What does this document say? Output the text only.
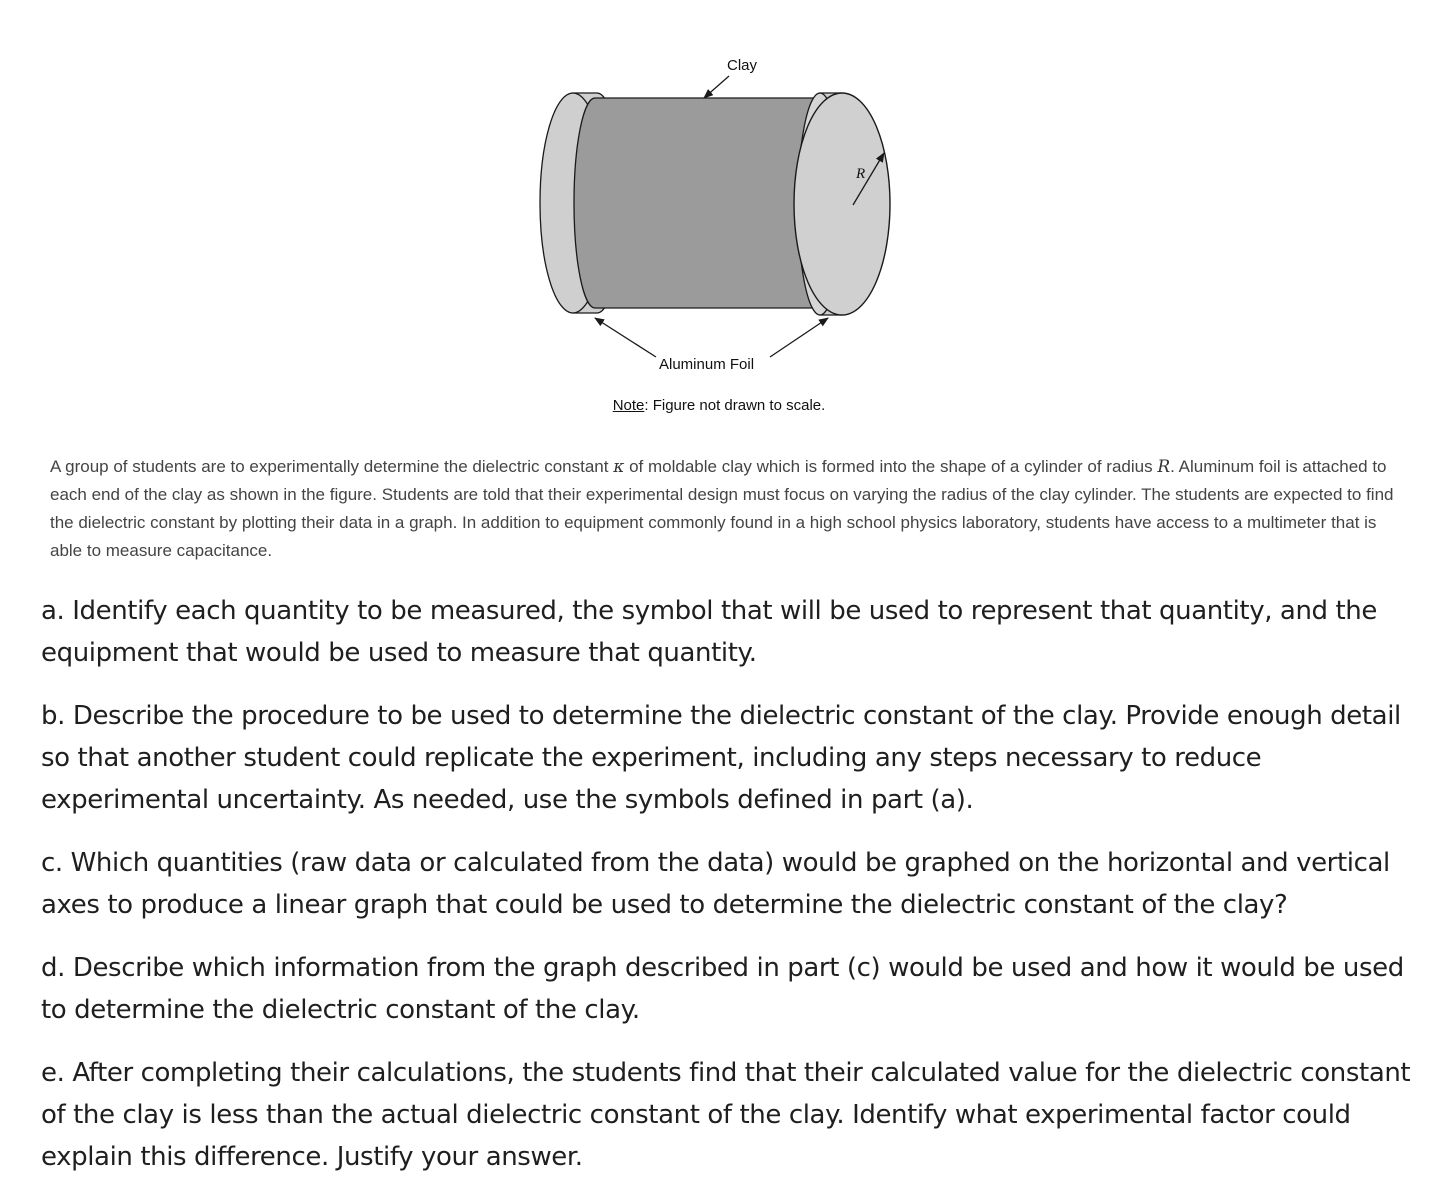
R
Clay
Aluminum Foil
Note: Figure not drawn to scale.

A group of students are to experimentally determine the dielectric constant κ of moldable clay which is formed into the shape of a cylinder of radius R. Aluminum foil is attached to each end of the clay as shown in the figure. Students are told that their experimental design must focus on varying the radius of the clay cylinder. The students are expected to find the dielectric constant by plotting their data in a graph. In addition to equipment commonly found in a high school physics laboratory, students have access to a multimeter that is able to measure capacitance.

a. Identify each quantity to be measured, the symbol that will be used to represent that quantity, and the equipment that would be used to measure that quantity.

b. Describe the procedure to be used to determine the dielectric constant of the clay. Provide enough detail so that another student could replicate the experiment, including any steps necessary to reduce experimental uncertainty. As needed, use the symbols defined in part (a).

c. Which quantities (raw data or calculated from the data) would be graphed on the horizontal and vertical axes to produce a linear graph that could be used to determine the dielectric constant of the clay?

d. Describe which information from the graph described in part (c) would be used and how it would be used to determine the dielectric constant of the clay.

e. After completing their calculations, the students find that their calculated value for the dielectric constant of the clay is less than the actual dielectric constant of the clay. Identify what experimental factor could explain this difference. Justify your answer.
